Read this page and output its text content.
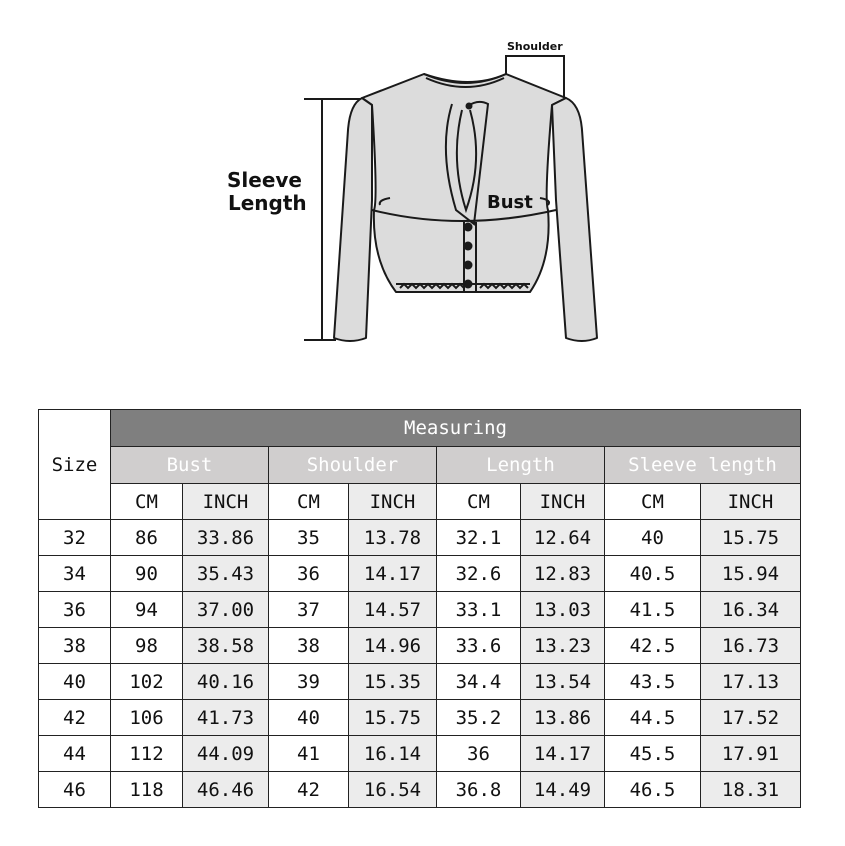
Shoulder
Sleeve
Length	Bust
Size	Measuring							
	Bust		Shoulder		Length		Sleeve length	
	CM	INCH	CM	INCH	CM	INCH	CM	INCH
32	86	33.86	35	13.78	32.1	12.64	40	15.75
34	90	35.43	36	14.17	32.6	12.83	40.5	15.94
36	94	37.00	37	14.57	33.1	13.03	41.5	16.34
38	98	38.58	38	14.96	33.6	13.23	42.5	16.73
40	102	40.16	39	15.35	34.4	13.54	43.5	17.13
42	106	41.73	40	15.75	35.2	13.86	44.5	17.52
44	112	44.09	41	16.14	36	14.17	45.5	17.91
46	118	46.46	42	16.54	36.8	14.49	46.5	18.31
